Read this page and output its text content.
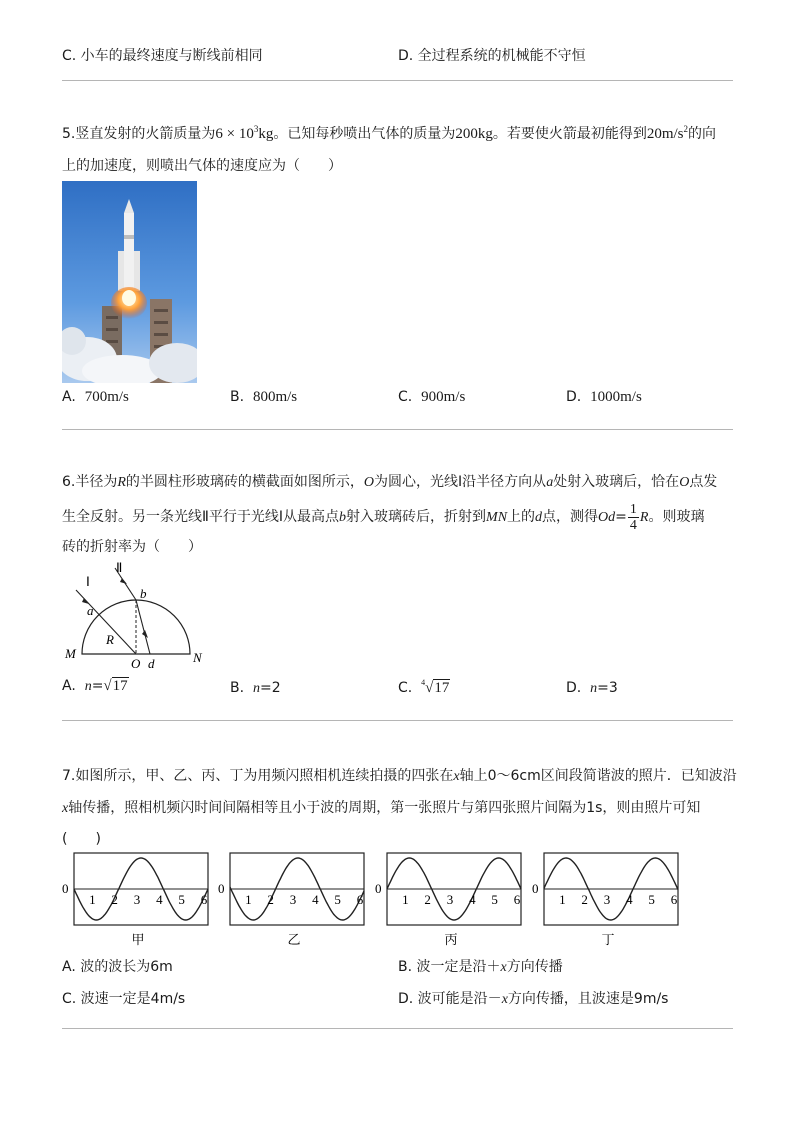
C. 小车的最终速度与断线前相同	D. 全过程系统的机械能不守恒
5.竖直发射的火箭质量为$6 \times 10^3kg$。已知每秒喷出气体的质量为200kg。若要使火箭最初能得到$20m/s^2$的向
上的加速度，则喷出气体的速度应为（　　）
A. 700m/s	B. 800m/s	C. 900m/s	D. 1000m/s
6.半径为R的半圆柱形玻璃砖的横截面如图所示，O为圆心，光线Ⅰ沿半径方向从a处射入玻璃后，恰在O点发
生全反射。另一条光线Ⅱ平行于光线Ⅰ从最高点b射入玻璃砖后，折射到MN上的d点，测得$Od= \frac{1}{4}$ R。则玻璃
砖的折射率为（　　）
Ⅰ
Ⅱ
a
b
R
M
O d	N
A. n=√17	B. n=2	C. $^4$√17	D. n=3
7.如图所示，甲、乙、丙、丁为用频闪照相机连续拍摄的四张在x轴上0～6cm区间段简谐波的照片．已知波沿
x轴传播，照相机频闪时间间隔相等且小于波的周期，第一张照片与第四张照片间隔为1s，则由照片可知
(　　)
0
1 2 3 4 5 6
甲
0
1 2 3 4 5 6
乙
0
1 2 3 4 5 6
丙
0
1 2 3 4 5 6
丁
A. 波的波长为6m	B. 波一定是沿＋x方向传播
C. 波速一定是4m/s	D. 波可能是沿－x方向传播，且波速是9m/s
